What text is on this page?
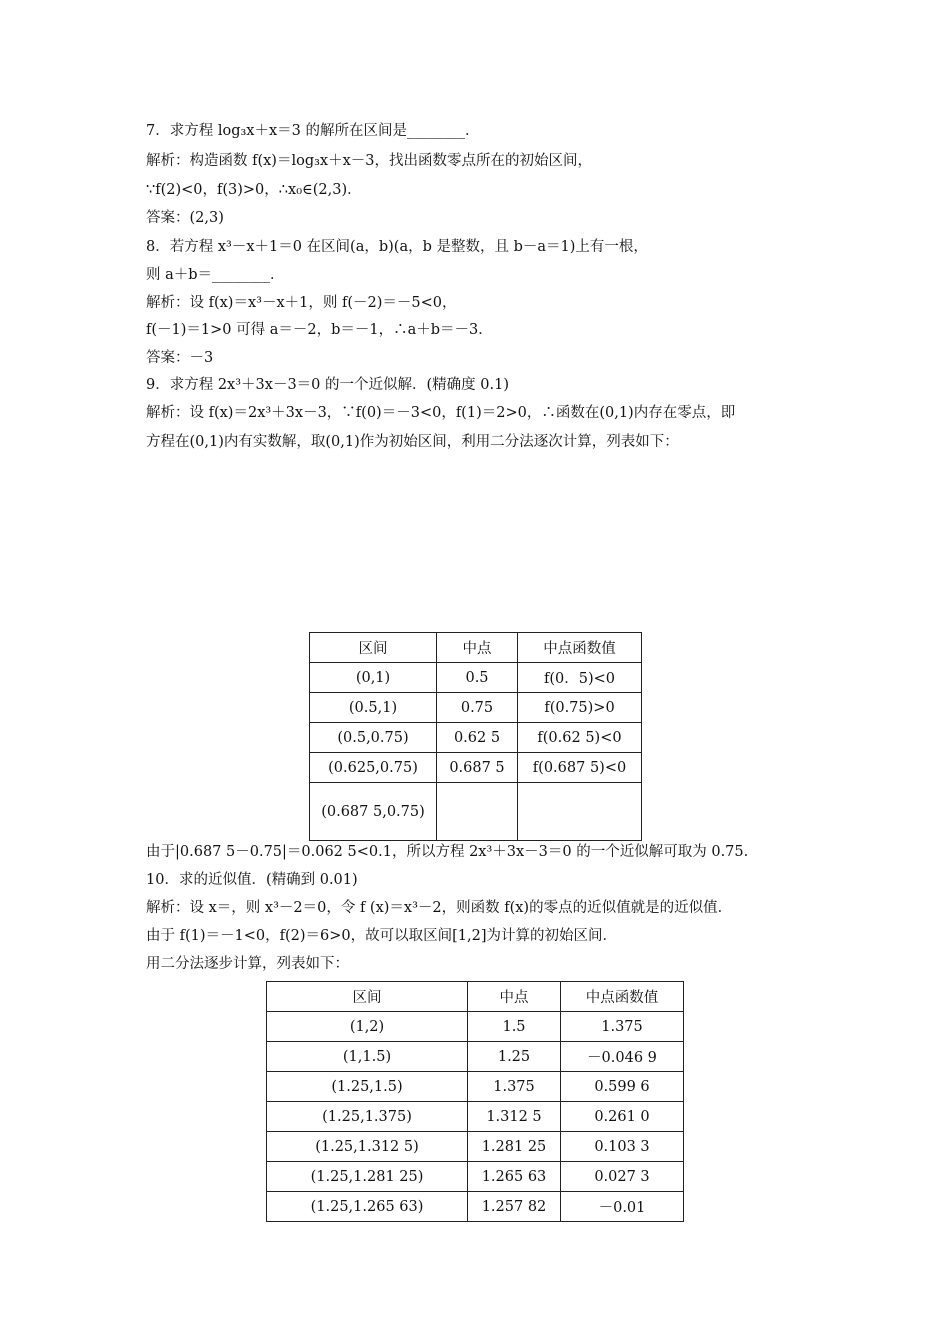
7．求方程 log₃x＋x＝3 的解所在区间是________．
解析：构造函数 f(x)＝log₃x＋x－3，找出函数零点所在的初始区间，
∵f(2)<0，f(3)>0，∴x₀∈(2,3)．
答案：(2,3)
8．若方程 x³－x＋1＝0 在区间(a，b)(a，b 是整数，且 b－a＝1)上有一根，
则 a＋b＝________．
解析：设 f(x)＝x³－x＋1，则 f(－2)＝－5<0，
f(－1)＝1>0 可得 a＝－2，b＝－1，∴a＋b＝－3．
答案：－3
9．求方程 2x³＋3x－3＝0 的一个近似解．(精确度 0.1)
解析：设 f(x)＝2x³＋3x－3，∵f(0)＝－3<0，f(1)＝2>0，∴函数在(0,1)内存在零点，即
方程在(0,1)内有实数解，取(0,1)作为初始区间，利用二分法逐次计算，列表如下：
区间	中点	中点函数值
(0,1)	0.5	f(0．5)<0
(0.5,1)	0.75	f(0.75)>0
(0.5,0.75)	0.62 5	f(0.62 5)<0
(0.625,0.75)	0.687 5	f(0.687 5)<0
(0.687 5,0.75)		
由于|0.687 5－0.75|＝0.062 5<0.1，所以方程 2x³＋3x－3＝0 的一个近似解可取为 0.75.
10．求的近似值．(精确到 0.01)
解析：设 x＝，则 x³－2＝0，令 f (x)＝x³－2，则函数 f(x)的零点的近似值就是的近似值．
由于 f(1)＝－1<0，f(2)＝6>0，故可以取区间[1,2]为计算的初始区间．
用二分法逐步计算，列表如下：
区间	中点	中点函数值
(1,2)	1.5	1.375
(1,1.5)	1.25	－0.046 9
(1.25,1.5)	1.375	0.599 6
(1.25,1.375)	1.312 5	0.261 0
(1.25,1.312 5)	1.281 25	0.103 3
(1.25,1.281 25)	1.265 63	0.027 3
(1.25,1.265 63)	1.257 82	－0.01
